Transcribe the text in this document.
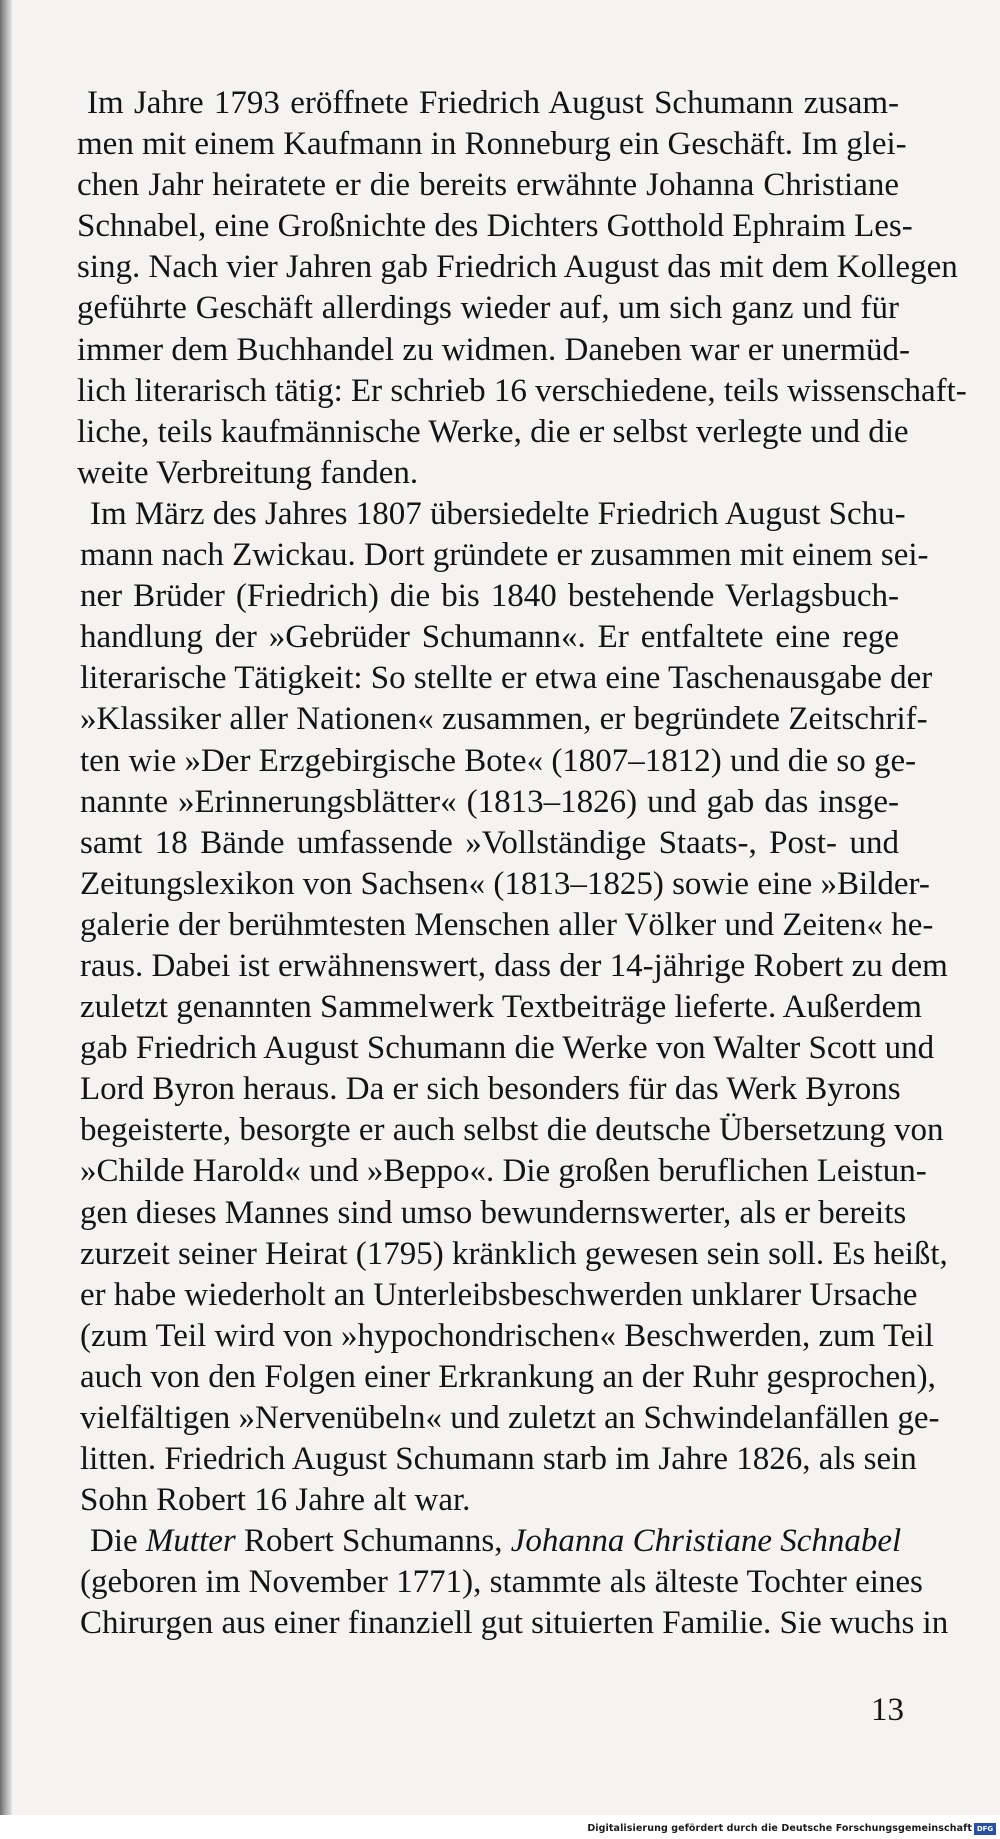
Im Jahre 1793 eröffnete Friedrich August Schumann zusam-
men mit einem Kaufmann in Ronneburg ein Geschäft. Im glei-
chen Jahr heiratete er die bereits erwähnte Johanna Christiane
Schnabel, eine Großnichte des Dichters Gotthold Ephraim Les-
sing. Nach vier Jahren gab Friedrich August das mit dem Kollegen
geführte Geschäft allerdings wieder auf, um sich ganz und für
immer dem Buchhandel zu widmen. Daneben war er unermüd-
lich literarisch tätig: Er schrieb 16 verschiedene, teils wissenschaft-
liche, teils kaufmännische Werke, die er selbst verlegte und die
weite Verbreitung fanden.
Im März des Jahres 1807 übersiedelte Friedrich August Schu-
mann nach Zwickau. Dort gründete er zusammen mit einem sei-
ner Brüder (Friedrich) die bis 1840 bestehende Verlagsbuch-
handlung der »Gebrüder Schumann«. Er entfaltete eine rege
literarische Tätigkeit: So stellte er etwa eine Taschenausgabe der
»Klassiker aller Nationen« zusammen, er begründete Zeitschrif-
ten wie »Der Erzgebirgische Bote« (1807–1812) und die so ge-
nannte »Erinnerungsblätter« (1813–1826) und gab das insge-
samt 18 Bände umfassende »Vollständige Staats-, Post- und
Zeitungslexikon von Sachsen« (1813–1825) sowie eine »Bilder-
galerie der berühmtesten Menschen aller Völker und Zeiten« he-
raus. Dabei ist erwähnenswert, dass der 14-jährige Robert zu dem
zuletzt genannten Sammelwerk Textbeiträge lieferte. Außerdem
gab Friedrich August Schumann die Werke von Walter Scott und
Lord Byron heraus. Da er sich besonders für das Werk Byrons
begeisterte, besorgte er auch selbst die deutsche Übersetzung von
»Childe Harold« und »Beppo«. Die großen beruflichen Leistun-
gen dieses Mannes sind umso bewundernswerter, als er bereits
zurzeit seiner Heirat (1795) kränklich gewesen sein soll. Es heißt,
er habe wiederholt an Unterleibsbeschwerden unklarer Ursache
(zum Teil wird von »hypochondrischen« Beschwerden, zum Teil
auch von den Folgen einer Erkrankung an der Ruhr gesprochen),
vielfältigen »Nervenübeln« und zuletzt an Schwindelanfällen ge-
litten. Friedrich August Schumann starb im Jahre 1826, als sein
Sohn Robert 16 Jahre alt war.
Die Mutter Robert Schumanns, Johanna Christiane Schnabel
(geboren im November 1771), stammte als älteste Tochter eines
Chirurgen aus einer finanziell gut situierten Familie. Sie wuchs in
13
Digitalisierung gefördert durch die Deutsche Forschungsgemeinschaft DFG
